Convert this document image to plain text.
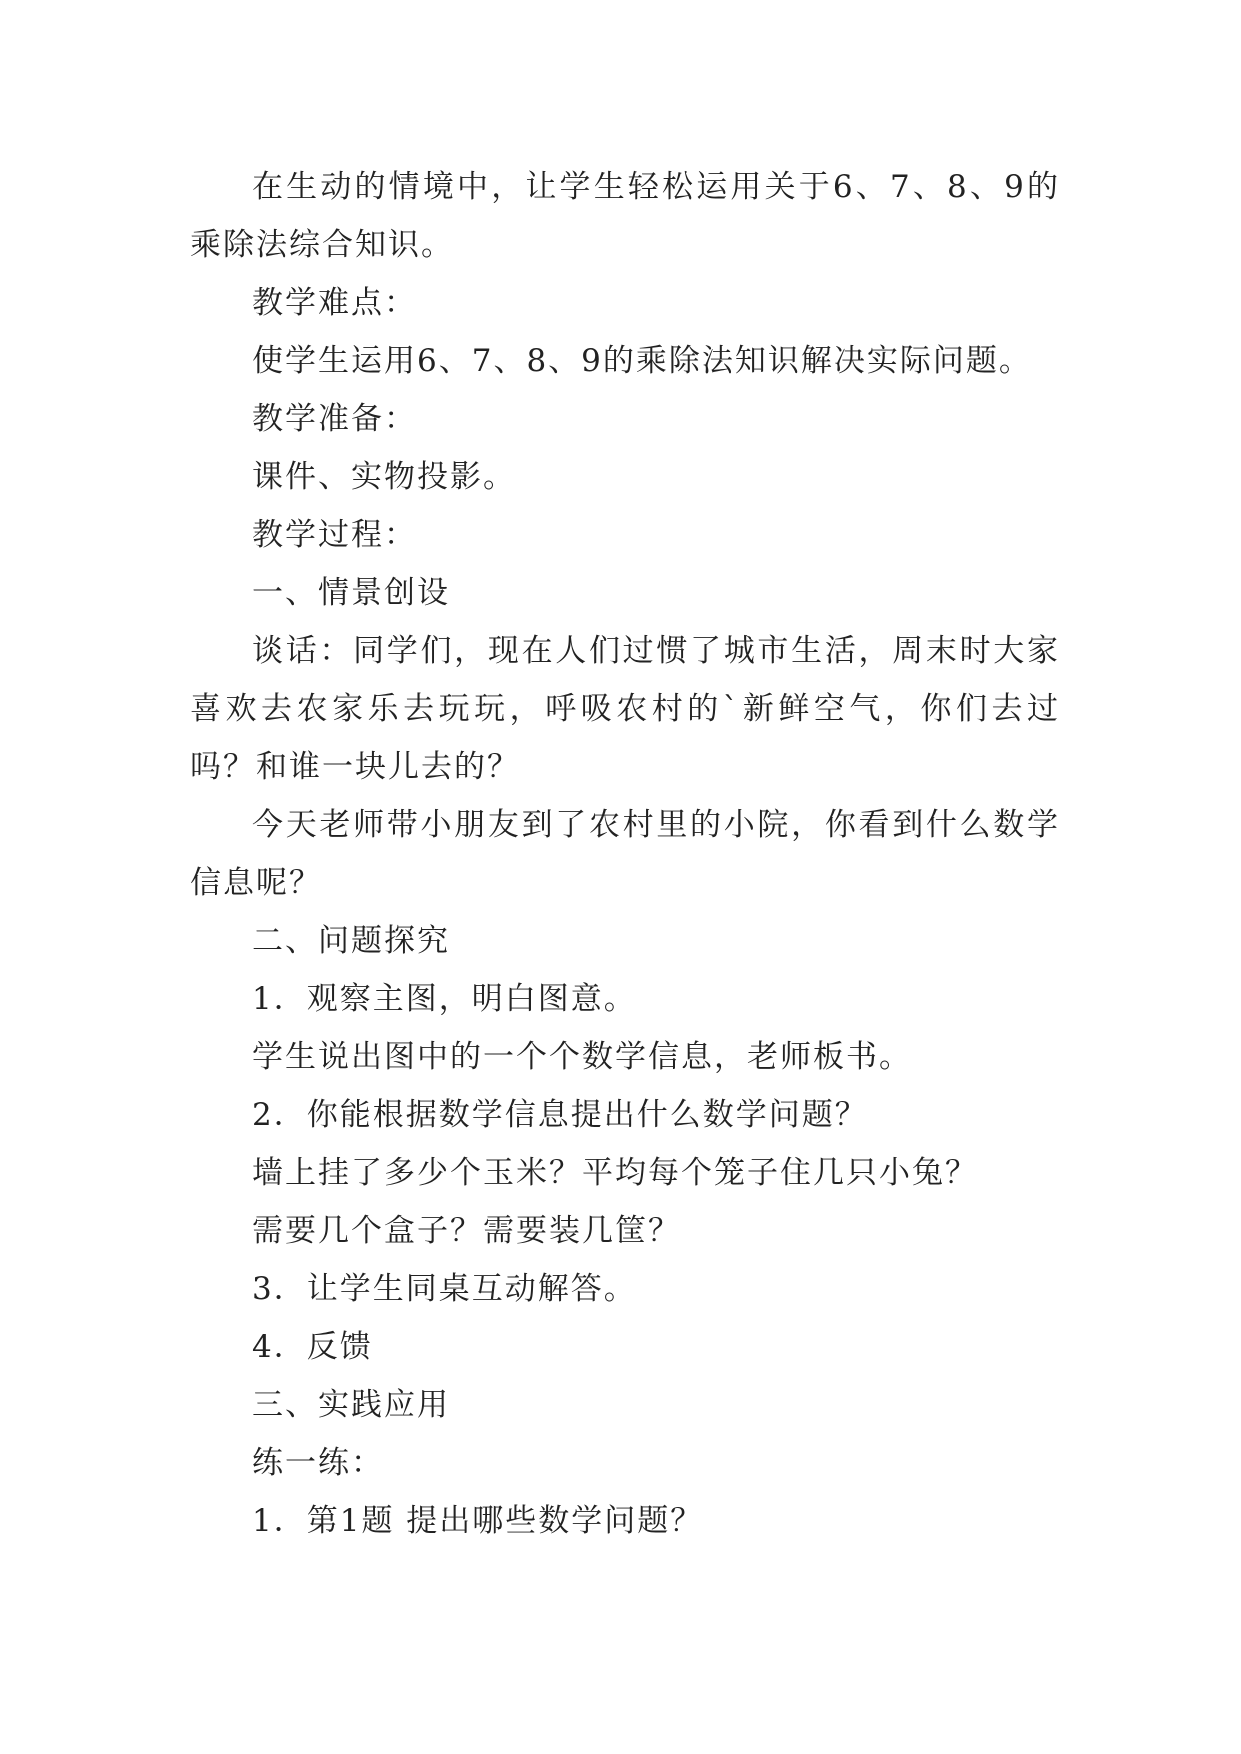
在生动的情境中，让学生轻松运用关于6、7、8、9的乘除法综合知识。

教学难点：

使学生运用6、7、8、9的乘除法知识解决实际问题。

教学准备：

课件、实物投影。

教学过程：

一、情景创设

谈话：同学们，现在人们过惯了城市生活，周末时大家喜欢去农家乐去玩玩，呼吸农村的`新鲜空气，你们去过吗？和谁一块儿去的？

今天老师带小朋友到了农村里的小院，你看到什么数学信息呢？

二、问题探究

1．观察主图，明白图意。

学生说出图中的一个个数学信息，老师板书。

2．你能根据数学信息提出什么数学问题？

墙上挂了多少个玉米？平均每个笼子住几只小兔？

需要几个盒子？需要装几筐？

3．让学生同桌互动解答。

4．反馈

三、实践应用

练一练：

1．第1题 提出哪些数学问题？
